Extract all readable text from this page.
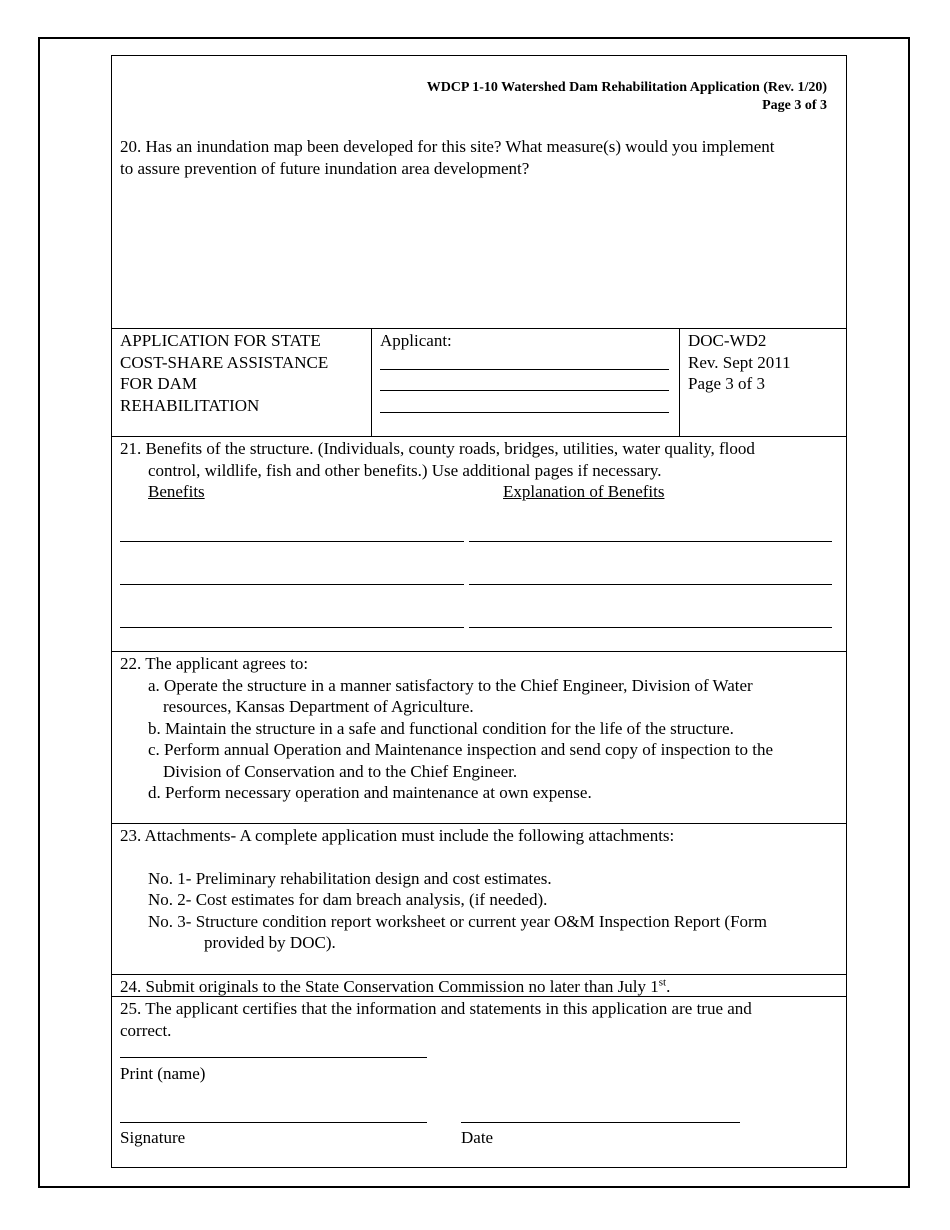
WDCP 1-10 Watershed Dam Rehabilitation Application (Rev. 1/20)
Page 3 of 3
20. Has an inundation map been developed for this site? What measure(s) would you implement
to assure prevention of future inundation area development?
APPLICATION FOR STATE
COST-SHARE ASSISTANCE
FOR DAM
REHABILITATION
Applicant:	DOC-WD2
Rev. Sept 2011
Page 3 of 3
21. Benefits of the structure. (Individuals, county roads, bridges, utilities, water quality, flood
control, wildlife, fish and other benefits.) Use additional pages if necessary.
Benefits	Explanation of Benefits
22. The applicant agrees to:
a. Operate the structure in a manner satisfactory to the Chief Engineer, Division of Water
resources, Kansas Department of Agriculture.
b. Maintain the structure in a safe and functional condition for the life of the structure.
c. Perform annual Operation and Maintenance inspection and send copy of inspection to the
Division of Conservation and to the Chief Engineer.
d. Perform necessary operation and maintenance at own expense.
23. Attachments- A complete application must include the following attachments:
No. 1- Preliminary rehabilitation design and cost estimates.
No. 2- Cost estimates for dam breach analysis, (if needed).
No. 3- Structure condition report worksheet or current year O&M Inspection Report (Form
provided by DOC).
24. Submit originals to the State Conservation Commission no later than July 1st.
25. The applicant certifies that the information and statements in this application are true and
correct.
Print (name)
Signature	Date
